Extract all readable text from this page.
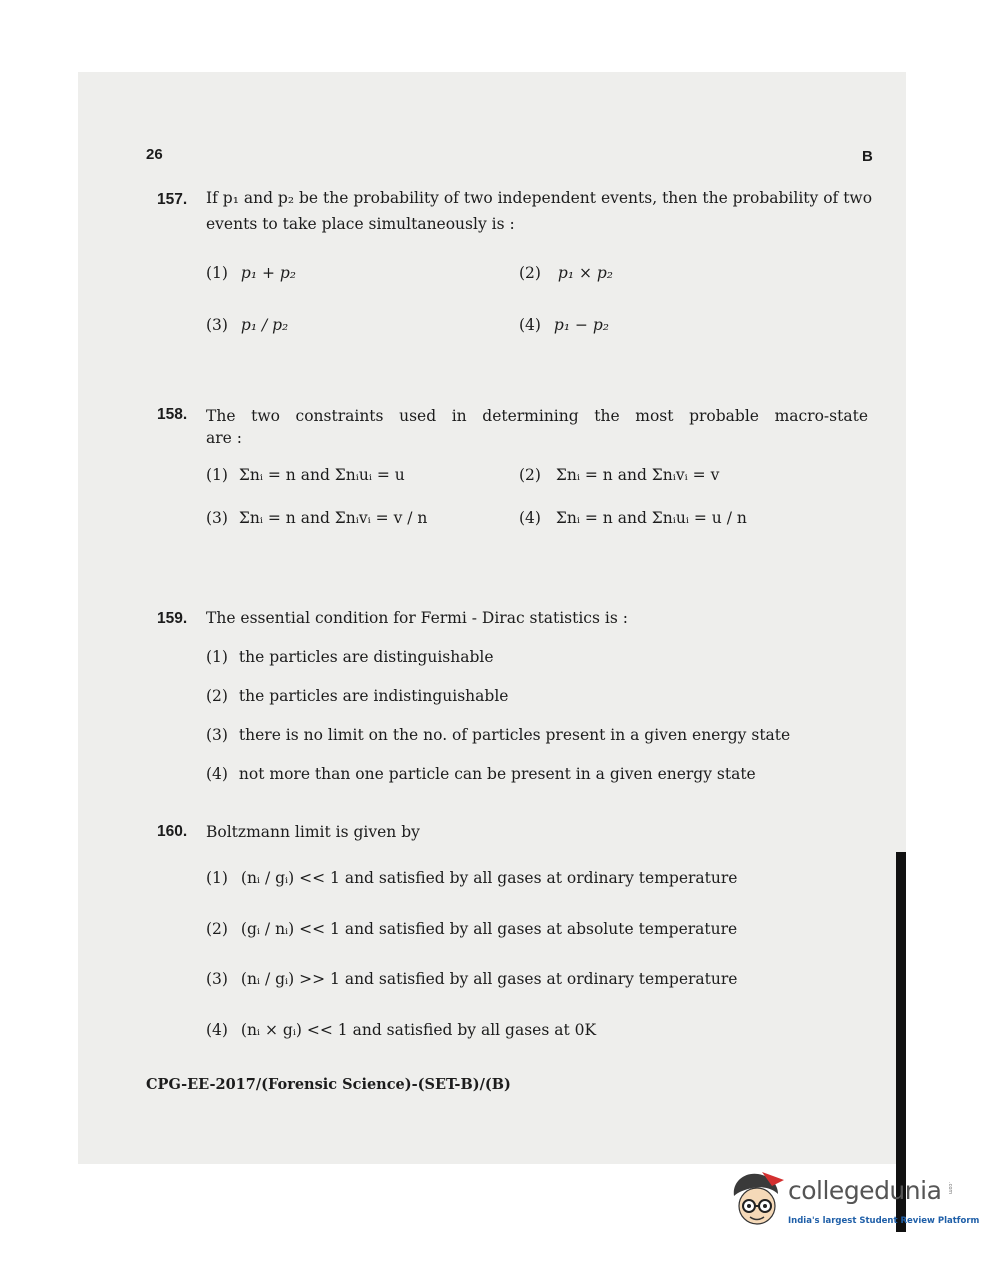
26	B
157. If p₁ and p₂ be the probability of two independent events, then the probability of two
events to take place simultaneously is :
(1) p₁ + p₂	(2) p₁ × p₂
(3) p₁ / p₂	(4) p₁ − p₂
158. The two constraints used in determining the most probable macro-state
are :
(1) Σnᵢ = n and Σnᵢuᵢ = u	(2) Σnᵢ = n and Σnᵢvᵢ = v
(3) Σnᵢ = n and Σnᵢvᵢ = v / n	(4) Σnᵢ = n and Σnᵢuᵢ = u / n
159. The essential condition for Fermi - Dirac statistics is :
(1) the particles are distinguishable
(2) the particles are indistinguishable
(3) there is no limit on the no. of particles present in a given energy state
(4) not more than one particle can be present in a given energy state
160. Boltzmann limit is given by
(1) (nᵢ / gᵢ) << 1 and satisfied by all gases at ordinary temperature
(2) (gᵢ / nᵢ) << 1 and satisfied by all gases at absolute temperature
(3) (nᵢ / gᵢ) >> 1 and satisfied by all gases at ordinary temperature
(4) (nᵢ × gᵢ) << 1 and satisfied by all gases at 0K
CPG-EE-2017/(Forensic Science)-(SET-B)/(B)
collegedunia .com
India's largest Student Review Platform
